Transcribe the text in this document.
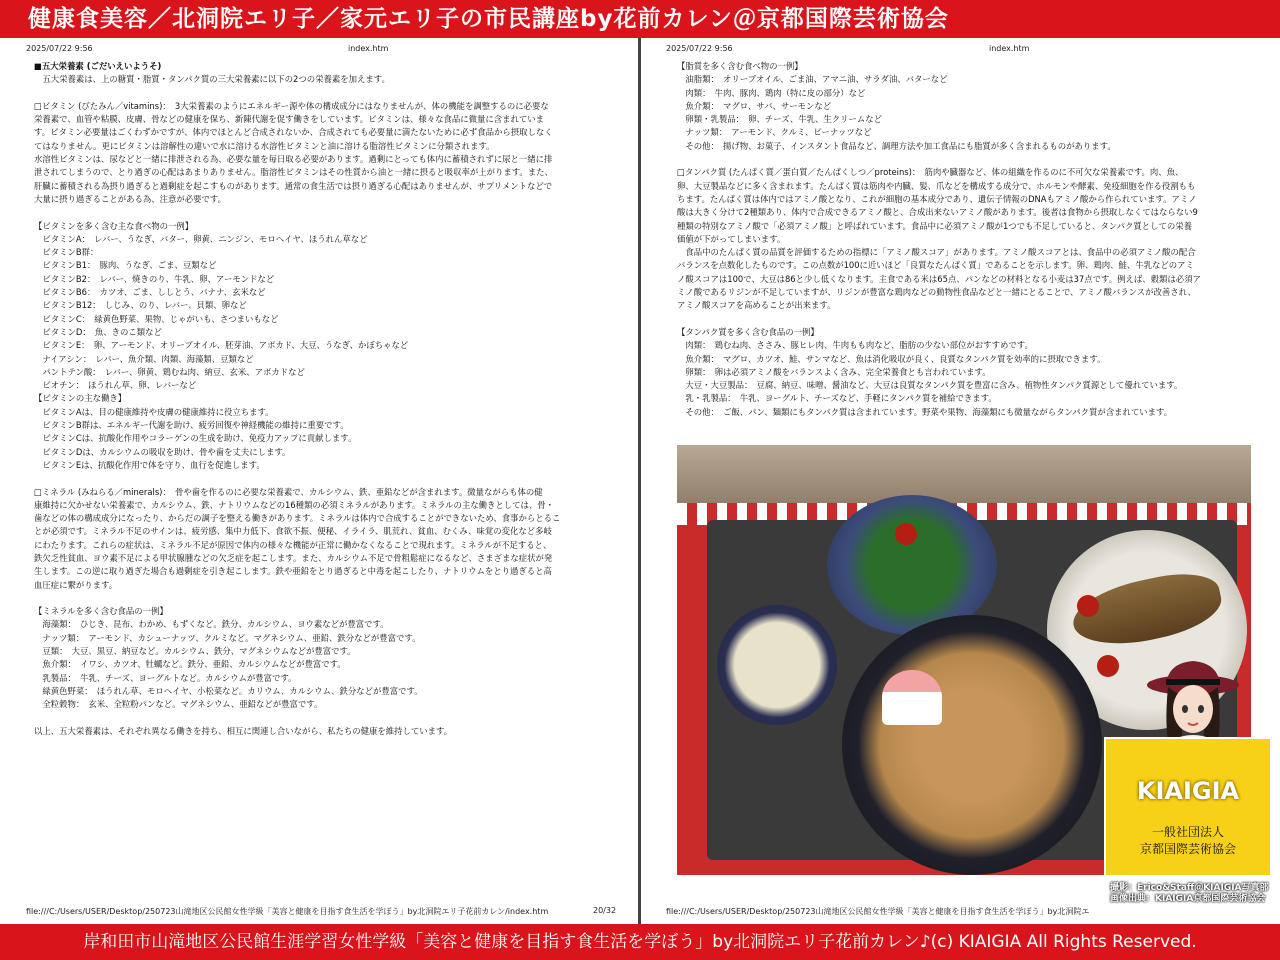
健康食美容／北洞院エリ子／家元エリ子の市民講座by花前カレン＠京都国際芸術協会
2025/07/22 9:56	index.htm
■五大栄養素 (ごだいえいようそ)
　五大栄養素は、上の糖質・脂質・タンパク質の三大栄養素に以下の2つの栄養素を加えます。
□ビタミン (びたみん／vitamins)：　3大栄養素のようにエネルギー源や体の構成成分にはなりませんが、体の機能を調整するのに必要な
栄養素で、血管や粘膜、皮膚、骨などの健康を保ち、新陳代謝を促す働きをしています。ビタミンは、様々な食品に微量に含まれていま
す。ビタミン必要量はごくわずかですが、体内でほとんど合成されないか、合成されても必要量に満たないために必ず食品から摂取しなく
てはなりません。更にビタミンは溶解性の違いで水に溶ける水溶性ビタミンと油に溶ける脂溶性ビタミンに分類されます。
水溶性ビタミンは、尿などと一緒に排泄される為、必要な量を毎日取る必要があります。過剰にとっても体内に蓄積されずに尿と一緒に排
泄されてしまうので、とり過ぎの心配はあまりありません。脂溶性ビタミンはその性質から油と一緒に摂ると吸収率が上がります。また、
肝臓に蓄積される為摂り過ぎると過剰症を起こすものがあります。通常の食生活では摂り過ぎる心配はありませんが、サプリメントなどで
大量に摂り過ぎることがある為、注意が必要です。
【ビタミンを多く含む主な食べ物の一例】
　ビタミンA：　レバー、うなぎ、バター、卵黄、ニンジン、モロヘイヤ、ほうれん草など
　ビタミンB群：
　ビタミンB1：　豚肉、うなぎ、ごま、豆類など
　ビタミンB2：　レバー、焼きのり、牛乳、卵、アーモンドなど
　ビタミンB6：　カツオ、ごま、ししとう、バナナ、玄米など
　ビタミンB12：　しじみ、のり、レバー、貝類、卵など
　ビタミンC：　緑黄色野菜、果物、じゃがいも、さつまいもなど
　ビタミンD：　魚、きのこ類など
　ビタミンE：　卵、アーモンド、オリーブオイル、胚芽油、アボカド、大豆、うなぎ、かぼちゃなど
　ナイアシン：　レバー、魚介類、肉類、海藻類、豆類など
　パントテン酸：　レバー、卵黄、鶏むね肉、納豆、玄米、アボカドなど
　ビオチン：　ほうれん草、卵、レバーなど
【ビタミンの主な働き】
　ビタミンAは、目の健康維持や皮膚の健康維持に役立ちます。
　ビタミンB群は、エネルギー代謝を助け、疲労回復や神経機能の維持に重要です。
　ビタミンCは、抗酸化作用やコラーゲンの生成を助け、免疫力アップに貢献します。
　ビタミンDは、カルシウムの吸収を助け、骨や歯を丈夫にします。
　ビタミンEは、抗酸化作用で体を守り、血行を促進します。
□ミネラル (みねらる／minerals)：　骨や歯を作るのに必要な栄養素で、カルシウム、鉄、亜鉛などが含まれます。微量ながらも体の健
康維持に欠かせない栄養素で、カルシウム、鉄、ナトリウムなどの16種類の必須ミネラルがあります。ミネラルの主な働きとしては、骨・
歯などの体の構成成分になったり、からだの調子を整える働きがあります。ミネラルは体内で合成することができないため、食事からとるこ
とが必須です。ミネラル不足のサインは、疲労感、集中力低下、食欲不振、便秘、イライラ、肌荒れ、貧血、むくみ、味覚の変化など多岐
にわたります。これらの症状は、ミネラル不足が原因で体内の様々な機能が正常に働かなくなることで現れます。ミネラルが不足すると、
鉄欠乏性貧血、ヨウ素不足による甲状腺腫などの欠乏症を起こします。また、カルシウム不足で骨粗鬆症になるなど、さまざまな症状が発
生します。この逆に取り過ぎた場合も過剰症を引き起こします。鉄や亜鉛をとり過ぎると中毒を起こしたり、ナトリウムをとり過ぎると高
血圧症に繋がります。
【ミネラルを多く含む食品の一例】
　海藻類：　ひじき、昆布、わかめ、もずくなど。鉄分、カルシウム、ヨウ素などが豊富です。
　ナッツ類：　アーモンド、カシューナッツ、クルミなど。マグネシウム、亜鉛、鉄分などが豊富です。
　豆類：　大豆、黒豆、納豆など。カルシウム、鉄分、マグネシウムなどが豊富です。
　魚介類：　イワシ、カツオ、牡蠣など。鉄分、亜鉛、カルシウムなどが豊富です。
　乳製品：　牛乳、チーズ、ヨーグルトなど。カルシウムが豊富です。
　緑黄色野菜：　ほうれん草、モロヘイヤ、小松菜など。カリウム、カルシウム、鉄分などが豊富です。
　全粒穀物：　玄米、全粒粉パンなど。マグネシウム、亜鉛などが豊富です。
以上、五大栄養素は、それぞれ異なる働きを持ち、相互に関連し合いながら、私たちの健康を維持しています。
file:///C:/Users/USER/Desktop/250723山滝地区公民館女性学級「美容と健康を目指す食生活を学ぼう」by北洞院エリ子花前カレン/index.htm	20/32
2025/07/22 9:56	index.htm
【脂質を多く含む食べ物の一例】
　油脂類：　オリーブオイル、ごま油、アマニ油、サラダ油、バターなど
　肉類：　牛肉、豚肉、鶏肉（特に皮の部分）など
　魚介類：　マグロ、サバ、サーモンなど
　卵類・乳製品：　卵、チーズ、牛乳、生クリームなど
　ナッツ類：　アーモンド、クルミ、ピーナッツなど
　その他：　揚げ物、お菓子、インスタント食品など、調理方法や加工食品にも脂質が多く含まれるものがあります。
□タンパク質 (たんぱく質／蛋白質／たんぱくしつ／proteins)：　筋肉や臓器など、体の組織を作るのに不可欠な栄養素です。肉、魚、
卵、大豆製品などに多く含まれます。たんぱく質は筋肉や内臓、髪、爪などを構成する成分で、ホルモンや酵素、免疫細胞を作る役割もも
ちます。たんぱく質は体内ではアミノ酸となり、これが細胞の基本成分であり、遺伝子情報のDNAもアミノ酸から作られています。アミノ
酸は大きく分けて2種類あり、体内で合成できるアミノ酸と、合成出来ないアミノ酸があります。後者は食物から摂取しなくてはならない9
種類の特別なアミノ酸で「必須アミノ酸」と呼ばれています。食品中に必須アミノ酸が1つでも不足していると、タンパク質としての栄養
価値が下がってしまいます。
　食品中のたんぱく質の品質を評価するための指標に「アミノ酸スコア」があります。アミノ酸スコアとは、食品中の必須アミノ酸の配合
バランスを点数化したものです。この点数が100に近いほど「良質なたんぱく質」であることを示します。卵、鶏肉、鮭、牛乳などのアミ
ノ酸スコアは100で、大豆は86と少し低くなります。主食である米は65点、パンなどの材料となる小麦は37点です。例えば、穀類は必須ア
ミノ酸であるリジンが不足していますが、リジンが豊富な鶏肉などの動物性食品などと一緒にとることで、アミノ酸バランスが改善され、
アミノ酸スコアを高めることが出来ます。
【タンパク質を多く含む食品の一例】
　肉類：　鶏むね肉、ささみ、豚ヒレ肉、牛肉もも肉など、脂肪の少ない部位がおすすめです。
　魚介類：　マグロ、カツオ、鮭、サンマなど、魚は消化吸収が良く、良質なタンパク質を効率的に摂取できます。
　卵類：　卵は必須アミノ酸をバランスよく含み、完全栄養食とも言われています。
　大豆・大豆製品：　豆腐、納豆、味噌、醤油など、大豆は良質なタンパク質を豊富に含み、植物性タンパク質源として優れています。
　乳・乳製品：　牛乳、ヨーグルト、チーズなど、手軽にタンパク質を補給できます。
　その他：　ご飯、パン、麺類にもタンパク質は含まれています。野菜や果物、海藻類にも微量ながらタンパク質が含まれています。
file:///C:/Users/USER/Desktop/250723山滝地区公民館女性学級「美容と健康を目指す食生活を学ぼう」by北洞院エ
KIAIGIA
一般社団法人
京都国際芸術協会
撮影：Erico&Staff＠KIAIGIA写真部
画像出典：KIAIGIA京都国際芸術協会
岸和田市山滝地区公民館生涯学習女性学級「美容と健康を目指す食生活を学ぼう」by北洞院エリ子花前カレン♪(c) KIAIGIA All Rights Reserved.
